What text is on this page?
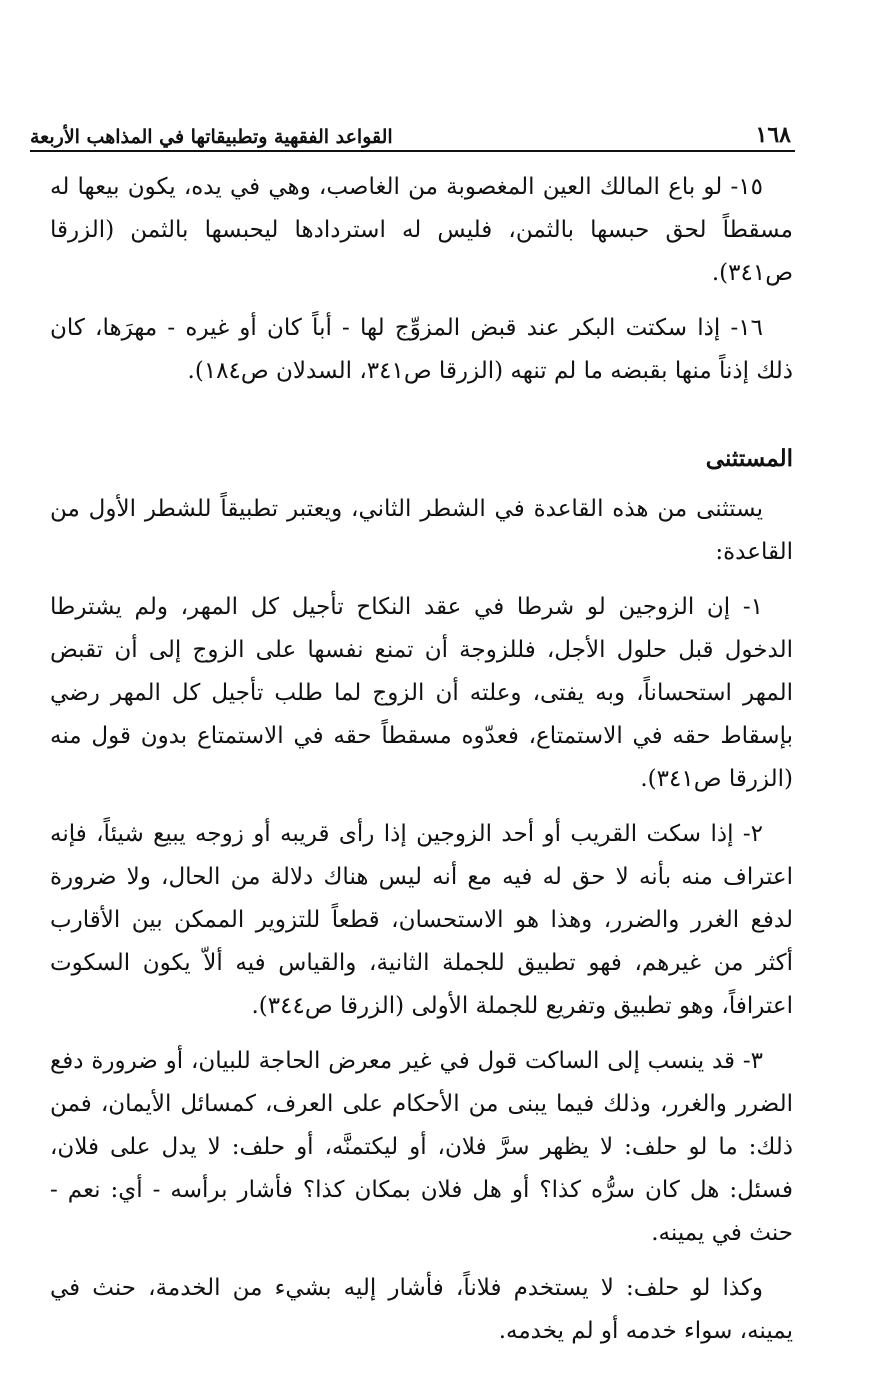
١٦٨
القواعد الفقهية وتطبيقاتها في المذاهب الأربعة

١٥- لو باع المالك العين المغصوبة من الغاصب، وهي في يده، يكون بيعها له مسقطاً لحق حبسها بالثمن، فليس له استردادها ليحبسها بالثمن (الزرقا ص٣٤١).

١٦- إذا سكتت البكر عند قبض المزوِّج لها - أباً كان أو غيره - مهرَها، كان ذلك إذناً منها بقبضه ما لم تنهه (الزرقا ص٣٤١، السدلان ص١٨٤).

المستثنى

يستثنى من هذه القاعدة في الشطر الثاني، ويعتبر تطبيقاً للشطر الأول من القاعدة:

١- إن الزوجين لو شرطا في عقد النكاح تأجيل كل المهر، ولم يشترطا الدخول قبل حلول الأجل، فللزوجة أن تمنع نفسها على الزوج إلى أن تقبض المهر استحساناً، وبه يفتى، وعلته أن الزوج لما طلب تأجيل كل المهر رضي بإسقاط حقه في الاستمتاع، فعدّوه مسقطاً حقه في الاستمتاع بدون قول منه (الزرقا ص٣٤١).

٢- إذا سكت القريب أو أحد الزوجين إذا رأى قريبه أو زوجه يبيع شيئاً، فإنه اعتراف منه بأنه لا حق له فيه مع أنه ليس هناك دلالة من الحال، ولا ضرورة لدفع الغرر والضرر، وهذا هو الاستحسان، قطعاً للتزوير الممكن بين الأقارب أكثر من غيرهم، فهو تطبيق للجملة الثانية، والقياس فيه ألاّ يكون السكوت اعترافاً، وهو تطبيق وتفريع للجملة الأولى (الزرقا ص٣٤٤).

٣- قد ينسب إلى الساكت قول في غير معرض الحاجة للبيان، أو ضرورة دفع الضرر والغرر، وذلك فيما يبنى من الأحكام على العرف، كمسائل الأيمان، فمن ذلك: ما لو حلف: لا يظهر سرَّ فلان، أو ليكتمنَّه، أو حلف: لا يدل على فلان، فسئل: هل كان سرُّه كذا؟ أو هل فلان بمكان كذا؟ فأشار برأسه - أي: نعم - حنث في يمينه.

وكذا لو حلف: لا يستخدم فلاناً، فأشار إليه بشيء من الخدمة، حنث في يمينه، سواء خدمه أو لم يخدمه.
